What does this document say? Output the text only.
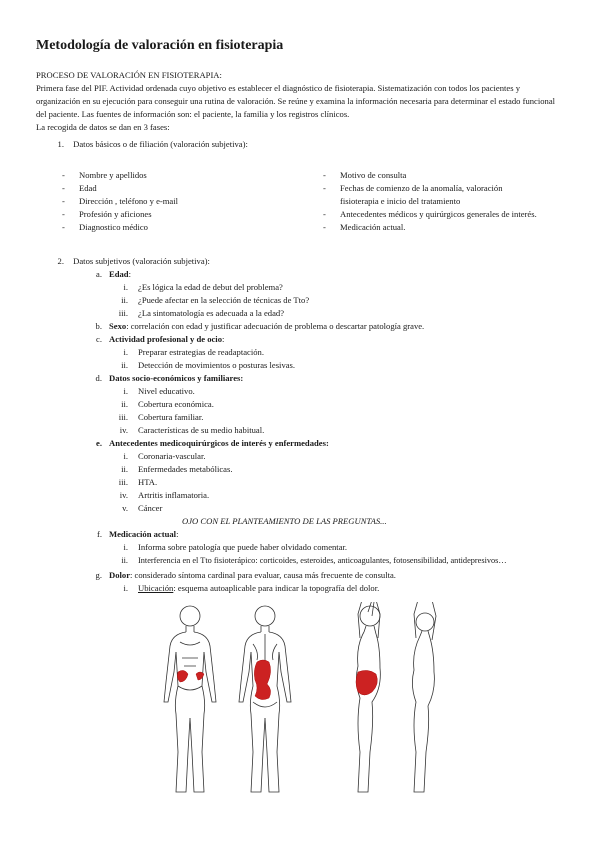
Metodología de valoración en fisioterapia

PROCESO DE VALORACIÓN EN FISIOTERAPIA:

Primera fase del PIF. Actividad ordenada cuyo objetivo es establecer el diagnóstico de fisioterapia. Sistematización con todos los pacientes y organización en su ejecución para conseguir una rutina de valoración. Se reúne y examina la información necesaria para determinar el estado funcional del paciente. Las fuentes de información son: el paciente, la familia y los registros clínicos.

La recogida de datos se dan en 3 fases:

1. Datos básicos o de filiación (valoración subjetiva):
- Nombre y apellidos
- Edad
- Dirección , teléfono y e-mail
- Profesión y aficiones
- Diagnostico médico
- Motivo de consulta
- Fechas de comienzo de la anomalía, valoración
fisioterapia e inicio del tratamiento
- Antecedentes médicos y quirúrgicos generales de interés.
- Medicación actual.
2. Datos subjetivos (valoración subjetiva):
a. Edad:
i. ¿Es lógica la edad de debut del problema?
ii. ¿Puede afectar en la selección de técnicas de Tto?
iii. ¿La sintomatología es adecuada a la edad?
b. Sexo: correlación con edad y justificar adecuación de problema o descartar patología grave.
c. Actividad profesional y de ocio:
i. Preparar estrategias de readaptación.
ii. Detección de movimientos o posturas lesivas.
d. Datos socio-económicos y familiares:
i. Nivel educativo.
ii. Cobertura económica.
iii. Cobertura familiar.
iv. Características de su medio habitual.
e. Antecedentes medicoquirúrgicos de interés y enfermedades:
i. Coronaria-vascular.
ii. Enfermedades metabólicas.
iii. HTA.
iv. Artritis inflamatoria.
v. Cáncer
OJO CON EL PLANTEAMIENTO DE LAS PREGUNTAS...
f. Medicación actual:
i. Informa sobre patología que puede haber olvidado comentar.
ii. Interferencia en el Tto fisioterápico: corticoides, esteroides, anticoagulantes, fotosensibilidad, antidepresivos…
g. Dolor: considerado síntoma cardinal para evaluar, causa más frecuente de consulta.
i. Ubicación: esquema autoaplicable para indicar la topografía del dolor.
